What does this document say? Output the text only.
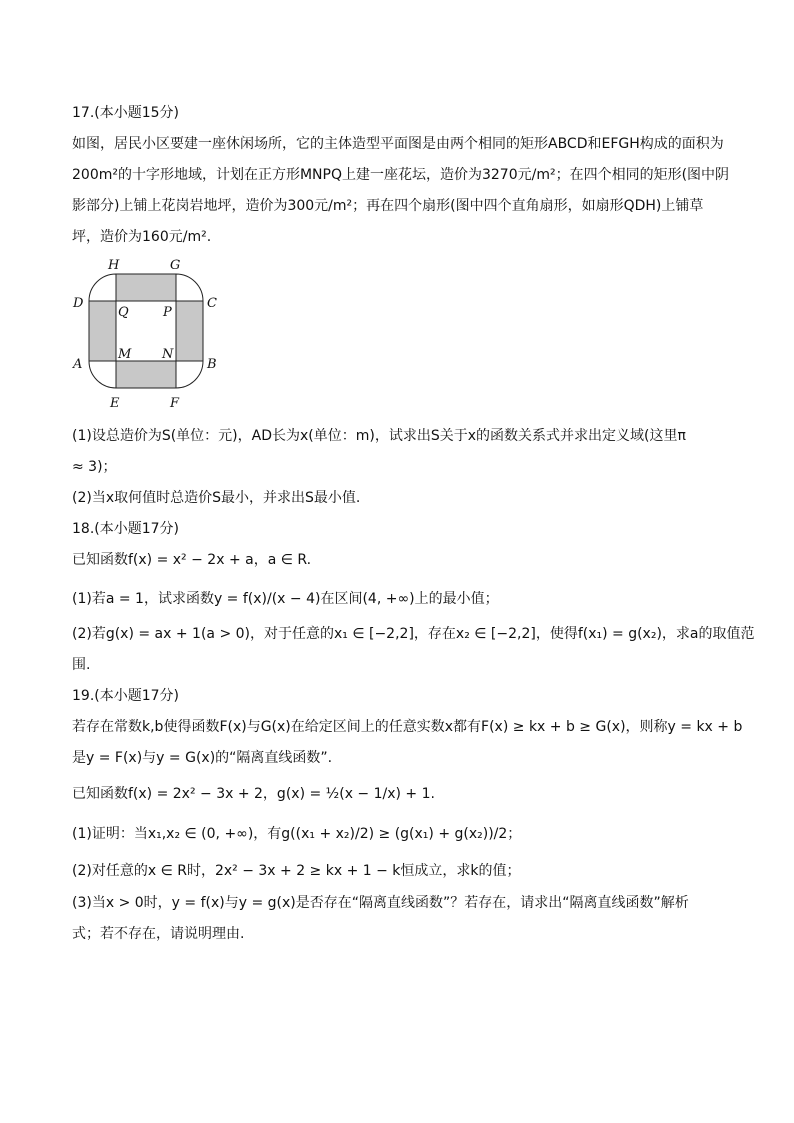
17.(本小题15分)
如图，居民小区要建一座休闲场所，它的主体造型平面图是由两个相同的矩形ABCD和EFGH构成的面积为
200m²的十字形地域，计划在正方形MNPQ上建一座花坛，造价为3270元/m²；在四个相同的矩形(图中阴
影部分)上铺上花岗岩地坪，造价为300元/m²；再在四个扇形(图中四个直角扇形，如扇形QDH)上铺草
坪，造价为160元/m².
H	G
D	C
Q	P
M N
A	B
E	F
(1)设总造价为S(单位：元)，AD长为x(单位：m)，试求出S关于x的函数关系式并求出定义域(这里π
≈ 3)；
(2)当x取何值时总造价S最小，并求出S最小值.
18.(本小题17分)
已知函数f(x) = x² − 2x + a，a ∈ R.
(1)若a = 1，试求函数y = f(x)/(x − 4)在区间(4, +∞)上的最小值；
(2)若g(x) = ax + 1(a > 0)，对于任意的x₁ ∈ [−2,2]，存在x₂ ∈ [−2,2]，使得f(x₁) = g(x₂)，求a的取值范
围.
19.(本小题17分)
若存在常数k,b使得函数F(x)与G(x)在给定区间上的任意实数x都有F(x) ≥ kx + b ≥ G(x)，则称y = kx + b
是y = F(x)与y = G(x)的“隔离直线函数”.
已知函数f(x) = 2x² − 3x + 2，g(x) = ½(x − 1/x) + 1.
(1)证明：当x₁,x₂ ∈ (0, +∞)，有g((x₁ + x₂)/2) ≥ (g(x₁) + g(x₂))/2；
(2)对任意的x ∈ R时，2x² − 3x + 2 ≥ kx + 1 − k恒成立，求k的值；
(3)当x > 0时，y = f(x)与y = g(x)是否存在“隔离直线函数”？若存在，请求出“隔离直线函数”解析
式；若不存在，请说明理由.
